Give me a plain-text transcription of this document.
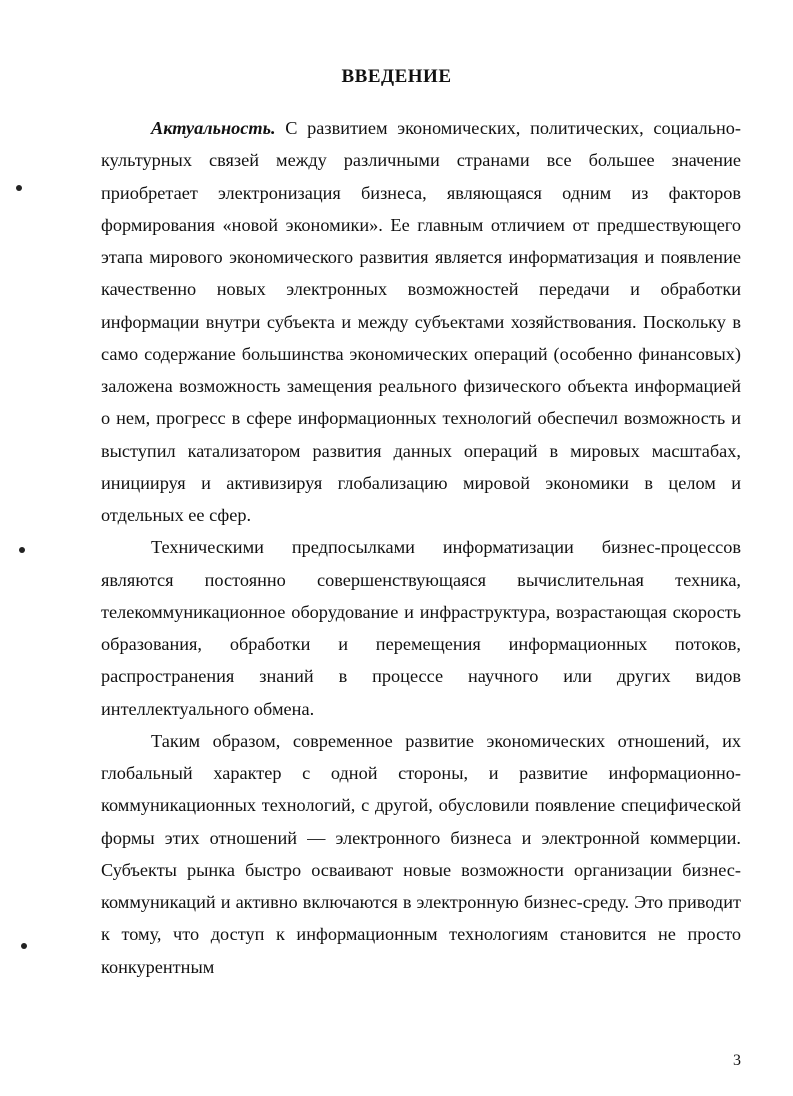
ВВЕДЕНИЕ

Актуальность. С развитием экономических, политических, социально-культурных связей между различными странами все большее значение приобретает электронизация бизнеса, являющаяся одним из факторов формирования «новой экономики». Ее главным отличием от предшествующего этапа мирового экономического развития является информатизация и появление качественно новых электронных возможностей передачи и обработки информации внутри субъекта и между субъектами хозяйствования. Поскольку в само содержание большинства экономических операций (особенно финансовых) заложена возможность замещения реального физического объекта информацией о нем, прогресс в сфере информационных технологий обеспечил возможность и выступил катализатором развития данных операций в мировых масштабах, инициируя и активизируя глобализацию мировой экономики в целом и отдельных ее сфер.

Техническими предпосылками информатизации бизнес-процессов являются постоянно совершенствующаяся вычислительная техника, телекоммуникационное оборудование и инфраструктура, возрастающая скорость образования, обработки и перемещения информационных потоков, распространения знаний в процессе научного или других видов интеллектуального обмена.

Таким образом, современное развитие экономических отношений, их глобальный характер с одной стороны, и развитие информационно-коммуникационных технологий, с другой, обусловили появление специфической формы этих отношений — электронного бизнеса и электронной коммерции. Субъекты рынка быстро осваивают новые возможности организации бизнес-коммуникаций и активно включаются в электронную бизнес-среду. Это приводит к тому, что доступ к информационным технологиям становится не просто конкурентным

3
